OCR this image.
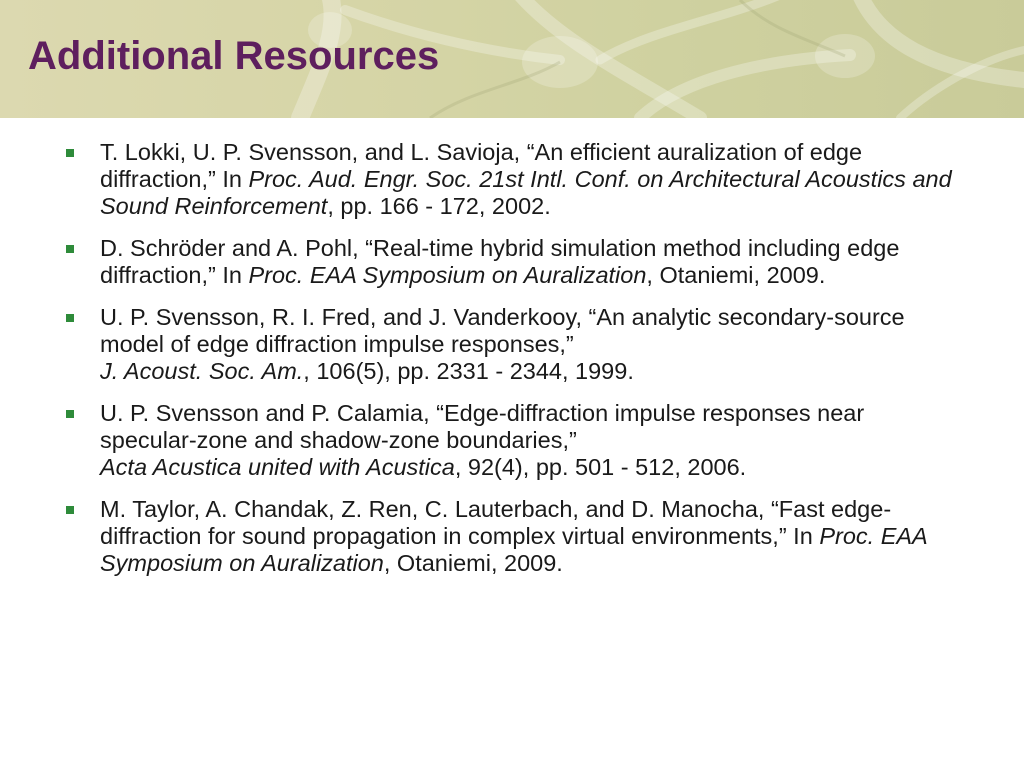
Additional Resources
T. Lokki, U. P. Svensson, and L. Savioja, “An efficient auralization of edge diffraction,” In Proc. Aud. Engr. Soc. 21st Intl. Conf. on Architectural Acoustics and Sound Reinforcement, pp. 166 - 172, 2002.
D. Schröder and A. Pohl, “Real-time hybrid simulation method including edge diffraction,” In Proc. EAA Symposium on Auralization, Otaniemi, 2009.
U. P. Svensson, R. I. Fred, and J. Vanderkooy, “An analytic secondary-source model of edge diffraction impulse responses,”
J. Acoust. Soc. Am., 106(5), pp. 2331 - 2344, 1999.
U. P. Svensson and P. Calamia, “Edge-diffraction impulse responses near specular-zone and shadow-zone boundaries,”
Acta Acustica united with Acustica, 92(4), pp. 501 - 512, 2006.
M. Taylor, A. Chandak, Z. Ren, C. Lauterbach, and D. Manocha, “Fast edge-diffraction for sound propagation in complex virtual environments,” In Proc. EAA Symposium on Auralization, Otaniemi, 2009.
